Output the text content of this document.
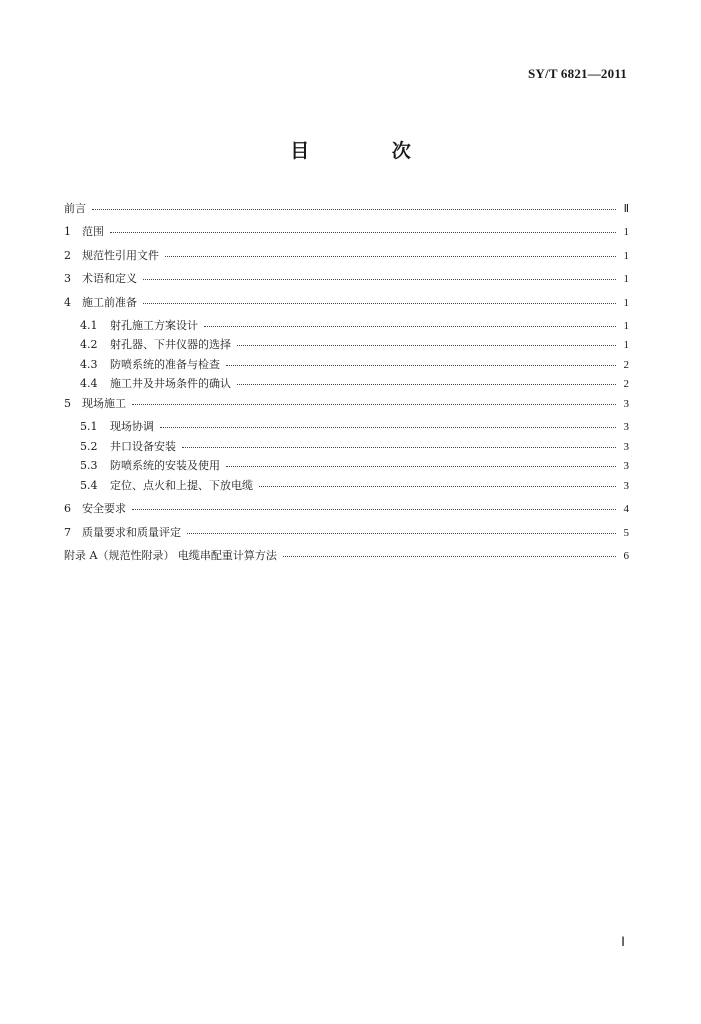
SY/T 6821—2011
目 次
前言	Ⅱ
1	范围	1
2	规范性引用文件	1
3	术语和定义	1
4	施工前准备	1
4.1	射孔施工方案设计	1
4.2	射孔器、下井仪器的选择	1
4.3	防喷系统的准备与检查	2
4.4	施工井及井场条件的确认	2
5	现场施工	3
5.1	现场协调	3
5.2	井口设备安装	3
5.3	防喷系统的安装及使用	3
5.4	定位、点火和上提、下放电缆	3
6	安全要求	4
7	质量要求和质量评定	5
附录 A（规范性附录） 电缆串配重计算方法	6
Ⅰ
